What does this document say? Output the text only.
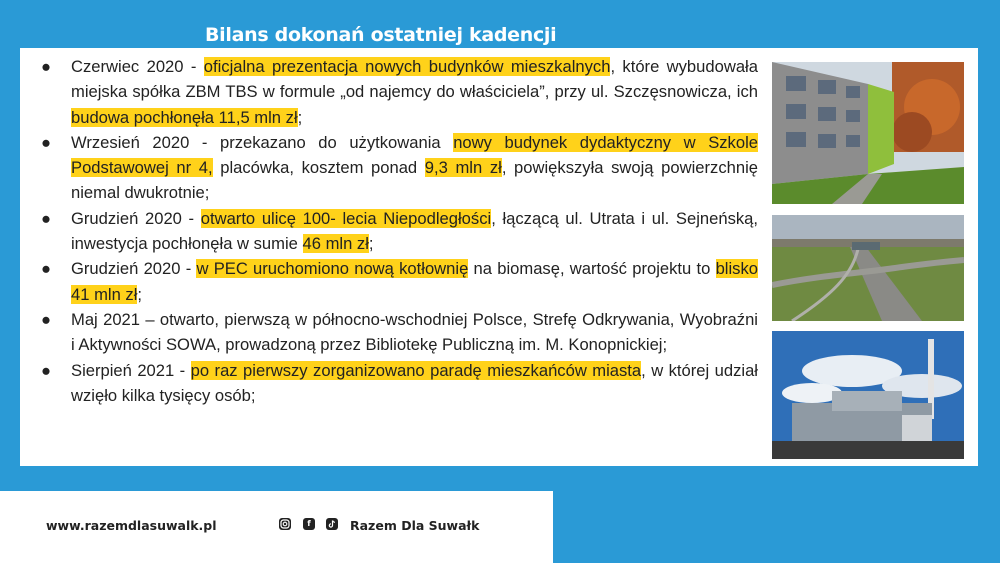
Bilans dokonań ostatniej kadencji
● Czerwiec 2020 - oficjalna prezentacja nowych budynków mieszkalnych, które wybudowała miejska spółka ZBM TBS w formule „od najemcy do właściciela”, przy ul. Szczęsnowicza, ich budowa pochłonęła 11,5 mln zł;
● Wrzesień 2020 - przekazano do użytkowania nowy budynek dydaktyczny w Szkole Podstawowej nr 4, placówka, kosztem ponad 9,3 mln zł, powiększyła swoją powierzchnię niemal dwukrotnie;
● Grudzień 2020 - otwarto ulicę 100- lecia Niepodległości, łączącą ul. Utrata i ul. Sejneńską, inwestycja pochłonęła w sumie 46 mln zł;
● Grudzień 2020 - w PEC uruchomiono nową kotłownię na biomasę, wartość projektu to blisko 41 mln zł;
● Maj 2021 – otwarto, pierwszą w północno-wschodniej Polsce, Strefę Odkrywania, Wyobraźni i Aktywności SOWA, prowadzoną przez Bibliotekę Publiczną im. M. Konopnickiej;
● Sierpień 2021 - po raz pierwszy zorganizowano paradę mieszkańców miasta, w której udział wzięło kilka tysięcy osób;
www.razemdlasuwalk.pl	f	Razem Dla Suwałk
